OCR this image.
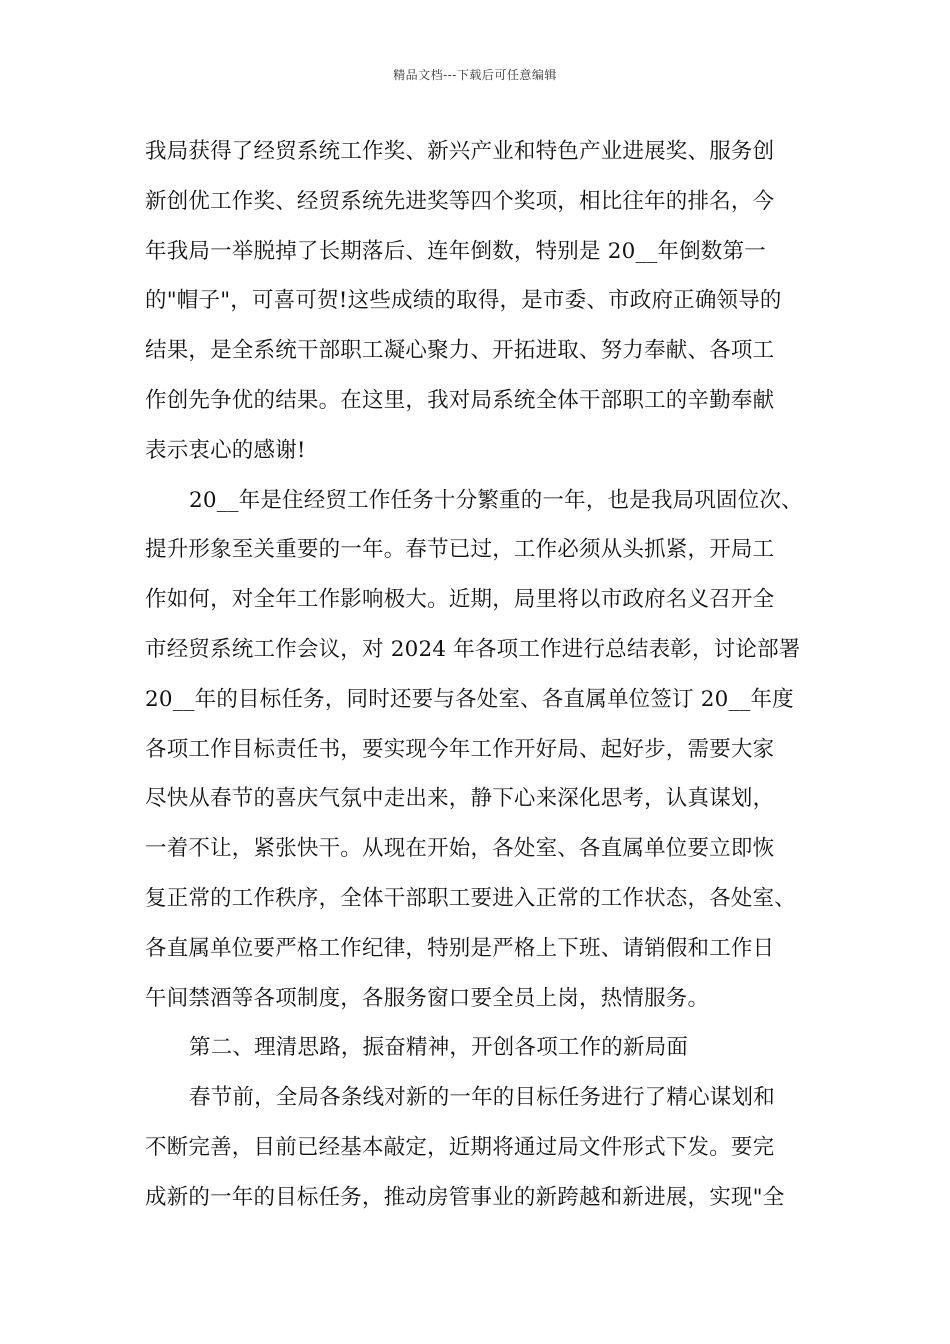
精品文档---下载后可任意编辑
我局获得了经贸系统工作奖、新兴产业和特色产业进展奖、服务创
新创优工作奖、经贸系统先进奖等四个奖项，相比往年的排名，今
年我局一举脱掉了长期落后、连年倒数，特别是 20__年倒数第一
的"帽子"，可喜可贺!这些成绩的取得，是市委、市政府正确领导的
结果，是全系统干部职工凝心聚力、开拓进取、努力奉献、各项工
作创先争优的结果。在这里，我对局系统全体干部职工的辛勤奉献
表示衷心的感谢!
20__年是住经贸工作任务十分繁重的一年，也是我局巩固位次、
提升形象至关重要的一年。春节已过，工作必须从头抓紧，开局工
作如何，对全年工作影响极大。近期，局里将以市政府名义召开全
市经贸系统工作会议，对 2024 年各项工作进行总结表彰，讨论部署
20__年的目标任务，同时还要与各处室、各直属单位签订 20__年度
各项工作目标责任书，要实现今年工作开好局、起好步，需要大家
尽快从春节的喜庆气氛中走出来，静下心来深化思考，认真谋划，
一着不让，紧张快干。从现在开始，各处室、各直属单位要立即恢
复正常的工作秩序，全体干部职工要进入正常的工作状态，各处室、
各直属单位要严格工作纪律，特别是严格上下班、请销假和工作日
午间禁酒等各项制度，各服务窗口要全员上岗，热情服务。
第二、理清思路，振奋精神，开创各项工作的新局面
春节前，全局各条线对新的一年的目标任务进行了精心谋划和
不断完善，目前已经基本敲定，近期将通过局文件形式下发。要完
成新的一年的目标任务，推动房管事业的新跨越和新进展，实现"全
